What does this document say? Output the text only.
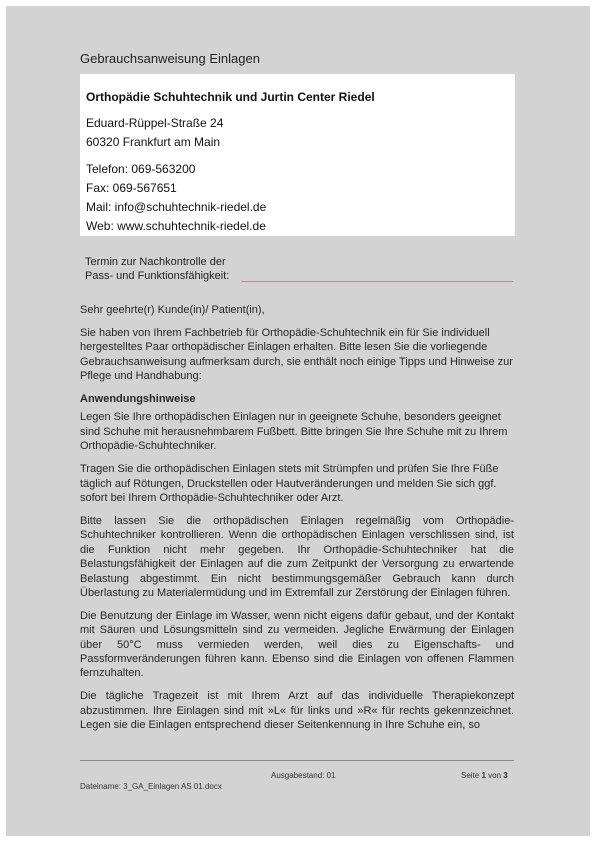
Gebrauchsanweisung Einlagen
Orthopädie Schuhtechnik und Jurtin Center Riedel
Eduard-Rüppel-Straße 24
60320 Frankfurt am Main
Telefon: 069-563200
Fax: 069-567651
Mail: info@schuhtechnik-riedel.de
Web: www.schuhtechnik-riedel.de
Termin zur Nachkontrolle der
Pass- und Funktionsfähigkeit:

Sehr geehrte(r) Kunde(in)/ Patient(in),

Sie haben von Ihrem Fachbetrieb für Orthopädie-Schuhtechnik ein für Sie individuell hergestelltes Paar orthopädischer Einlagen erhalten. Bitte lesen Sie die vorliegende Gebrauchsanweisung aufmerksam durch, sie enthält noch einige Tipps und Hinweise zur Pflege und Handhabung:

Anwendungshinweise

Legen Sie Ihre orthopädischen Einlagen nur in geeignete Schuhe, besonders geeignet sind Schuhe mit herausnehmbarem Fußbett. Bitte bringen Sie Ihre Schuhe mit zu Ihrem Orthopädie-Schuhtechniker.

Tragen Sie die orthopädischen Einlagen stets mit Strümpfen und prüfen Sie Ihre Füße täglich auf Rötungen, Druckstellen oder Hautveränderungen und melden Sie sich ggf. sofort bei Ihrem Orthopädie-Schuhtechniker oder Arzt.

Bitte lassen Sie die orthopädischen Einlagen regelmäßig vom Orthopädie-Schuhtechniker kontrollieren. Wenn die orthopädischen Einlagen verschlissen sind, ist die Funktion nicht mehr gegeben. Ihr Orthopädie-Schuhtechniker hat die Belastungsfähigkeit der Einlagen auf die zum Zeitpunkt der Versorgung zu erwartende Belastung abgestimmt. Ein nicht bestimmungsgemäßer Gebrauch kann durch Überlastung zu Materialermüdung und im Extremfall zur Zerstörung der Einlagen führen.

Die Benutzung der Einlage im Wasser, wenn nicht eigens dafür gebaut, und der Kontakt mit Säuren und Lösungsmitteln sind zu vermeiden. Jegliche Erwärmung der Einlagen über 50°C muss vermieden werden, weil dies zu Eigenschafts- und Passformveränderungen führen kann. Ebenso sind die Einlagen von offenen Flammen fernzuhalten.

Die tägliche Tragezeit ist mit Ihrem Arzt auf das individuelle Therapiekonzept abzustimmen. Ihre Einlagen sind mit »L« für links und »R« für rechts gekennzeichnet. Legen sie die Einlagen entsprechend dieser Seitenkennung in Ihre Schuhe ein, so

Ausgabestand: 01
Dateiname: 3_GA_Einlagen AS 01.docx
Seite 1 von 3
